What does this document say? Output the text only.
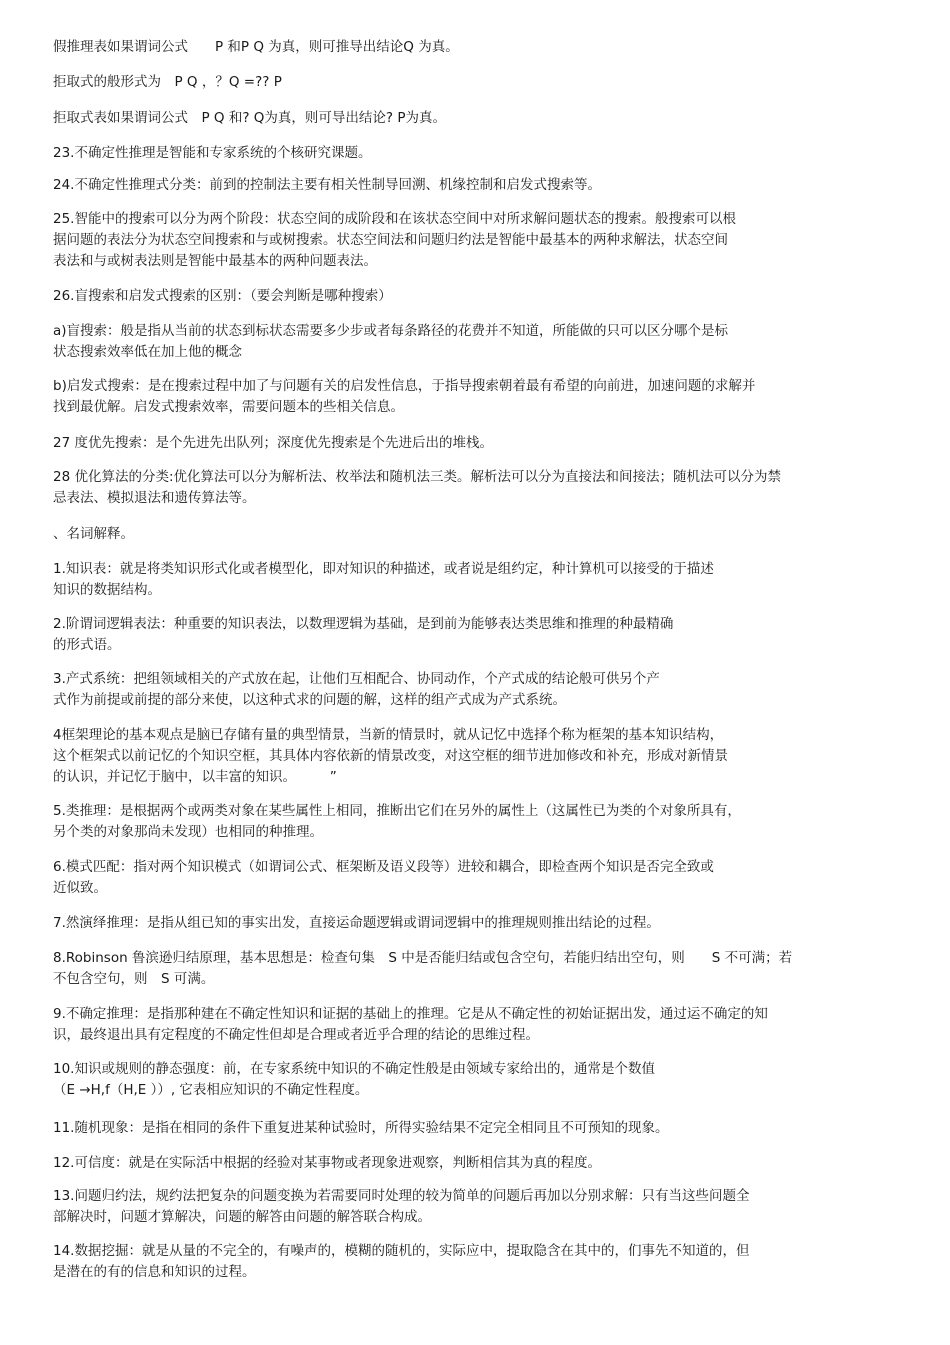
假推理表如果谓词公式　　P 和P Q 为真，则可推导出结论Q 为真。
拒取式的般形式为　P Q ，？Q =?? P
拒取式表如果谓词公式　P Q 和? Q为真，则可导出结论? P为真。
23.不确定性推理是智能和专家系统的个核研究课题。
24.不确定性推理式分类：前到的控制法主要有相关性制导回溯、机缘控制和启发式搜索等。
25.智能中的搜索可以分为两个阶段：状态空间的成阶段和在该状态空间中对所求解问题状态的搜索。般搜索可以根
据问题的表法分为状态空间搜索和与或树搜索。状态空间法和问题归约法是智能中最基本的两种求解法，状态空间
表法和与或树表法则是智能中最基本的两种问题表法。
26.盲搜索和启发式搜索的区别：（要会判断是哪种搜索）
a)盲搜索：般是指从当前的状态到标状态需要多少步或者每条路径的花费并不知道，所能做的只可以区分哪个是标
状态搜索效率低在加上他的概念
b)启发式搜索：是在搜索过程中加了与问题有关的启发性信息，于指导搜索朝着最有希望的向前进，加速问题的求解并
找到最优解。启发式搜索效率，需要问题本的些相关信息。
27 度优先搜索：是个先进先出队列；深度优先搜索是个先进后出的堆栈。
28 优化算法的分类:优化算法可以分为解析法、枚举法和随机法三类。解析法可以分为直接法和间接法；随机法可以分为禁
忌表法、模拟退法和遗传算法等。
、名词解释。
1.知识表：就是将类知识形式化或者模型化，即对知识的种描述，或者说是组约定，种计算机可以接受的于描述
知识的数据结构。
2.阶谓词逻辑表法：种重要的知识表法，以数理逻辑为基础，是到前为能够表达类思维和推理的种最精确
的形式语。
3.产式系统：把组领域相关的产式放在起，让他们互相配合、协同动作，个产式成的结论般可供另个产
式作为前提或前提的部分来使，以这种式求的问题的解，这样的组产式成为产式系统。
4框架理论的基本观点是脑已存储有量的典型情景，当新的情景时，就从记忆中选择个称为框架的基本知识结构，
这个框架式以前记忆的个知识空框，其具体内容依新的情景改变，对这空框的细节进加修改和补充，形成对新情景
的认识，并记忆于脑中，以丰富的知识。　　　”
5.类推理：是根据两个或两类对象在某些属性上相同，推断出它们在另外的属性上（这属性已为类的个对象所具有，
另个类的对象那尚未发现）也相同的种推理。
6.模式匹配：指对两个知识模式（如谓词公式、框架断及语义段等）进较和耦合，即检查两个知识是否完全致或
近似致。
7.然演绎推理：是指从组已知的事实出发，直接运命题逻辑或谓词逻辑中的推理规则推出结论的过程。
8.Robinson 鲁滨逊归结原理，基本思想是：检查句集　S 中是否能归结或包含空句，若能归结出空句，则　　S 不可满；若
不包含空句，则　S 可满。
9.不确定推理：是指那种建在不确定性知识和证据的基础上的推理。它是从不确定性的初始证据出发，通过运不确定的知
识，最终退出具有定程度的不确定性但却是合理或者近乎合理的结论的思维过程。
10.知识或规则的静态强度：前，在专家系统中知识的不确定性般是由领域专家给出的，通常是个数值
（E →H,f（H,E ））, 它表相应知识的不确定性程度。
11.随机现象：是指在相同的条件下重复进某种试验时，所得实验结果不定完全相同且不可预知的现象。
12.可信度：就是在实际活中根据的经验对某事物或者现象进观察，判断相信其为真的程度。
13.问题归约法，规约法把复杂的问题变换为若需要同时处理的较为简单的问题后再加以分别求解：只有当这些问题全
部解决时，问题才算解决，问题的解答由问题的解答联合构成。
14.数据挖掘：就是从量的不完全的，有噪声的，模糊的随机的，实际应中，提取隐含在其中的，们事先不知道的，但
是潜在的有的信息和知识的过程。
